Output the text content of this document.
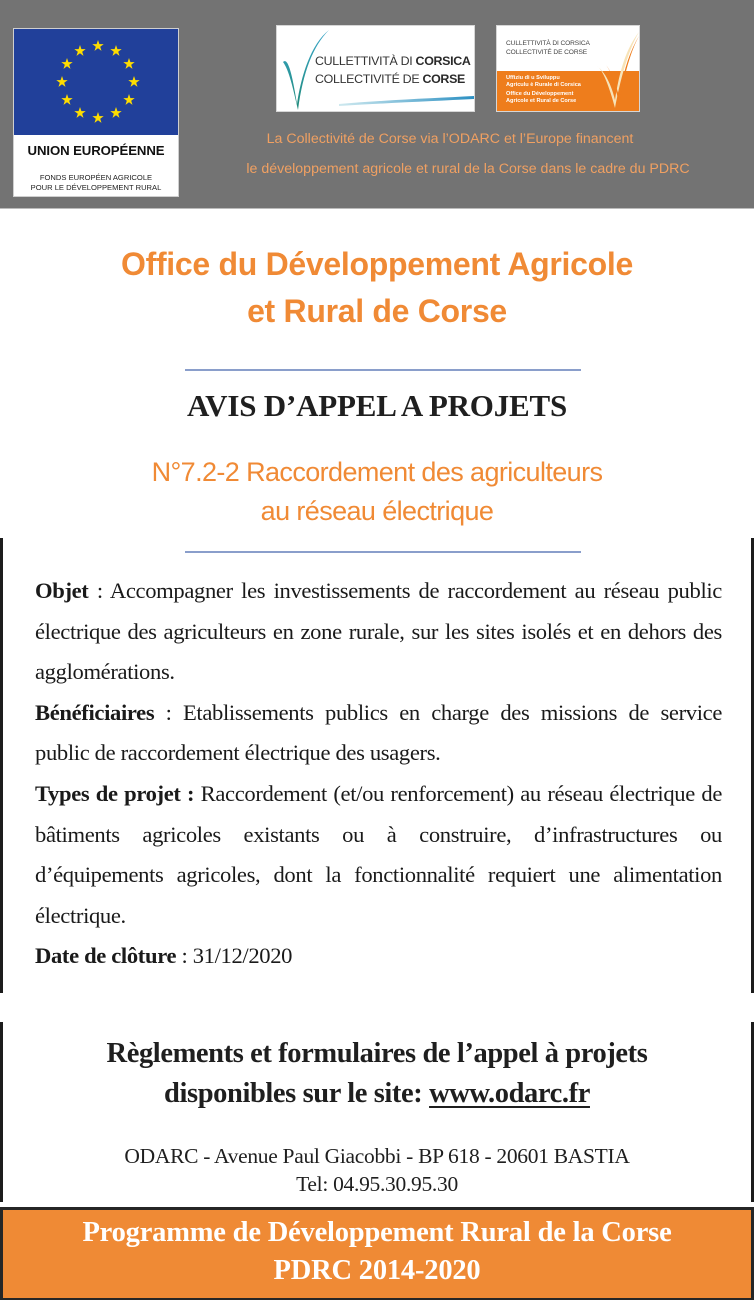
UNION EUROPÉENNE
FONDS EUROPÉEN AGRICOLE
POUR LE DÉVELOPPEMENT RURAL
CULLETTIVITÀ DI CORSICA
COLLECTIVITÉ DE CORSE	Uffiziu di u Sviluppu
Agriculu è Rurale di Corsica
Office du Développement
Agricole et Rural de Corse
CULLETTIVITÀ DI CORSICA
COLLECTIVITÉ DE CORSE
La Collectivité de Corse via l’ODARC et l’Europe financent
le développement agricole et rural de la Corse dans le cadre du PDRC
Office du Développement Agricole
et Rural de Corse
AVIS D’APPEL A PROJETS
N°7.2-2 Raccordement des agriculteurs
au réseau électrique

Objet : Accompagner les investissements de raccordement au réseau public électrique des agriculteurs en zone rurale, sur les sites isolés et en dehors des agglomérations.

Bénéficiaires : Etablissements publics en charge des missions de service public de raccordement électrique des usagers.

Types de projet : Raccordement (et/ou renforcement) au réseau électrique de bâtiments agricoles existants ou à construire, d’infrastructures ou d’équipements agricoles, dont la fonctionnalité requiert une alimentation électrique.

Date de clôture : 31/12/2020

Règlements et formulaires de l’appel à projets
disponibles sur le site: www.odarc.fr
ODARC - Avenue Paul Giacobbi - BP 618 - 20601 BASTIA
Tel: 04.95.30.95.30
Programme de Développement Rural de la Corse
PDRC 2014-2020
